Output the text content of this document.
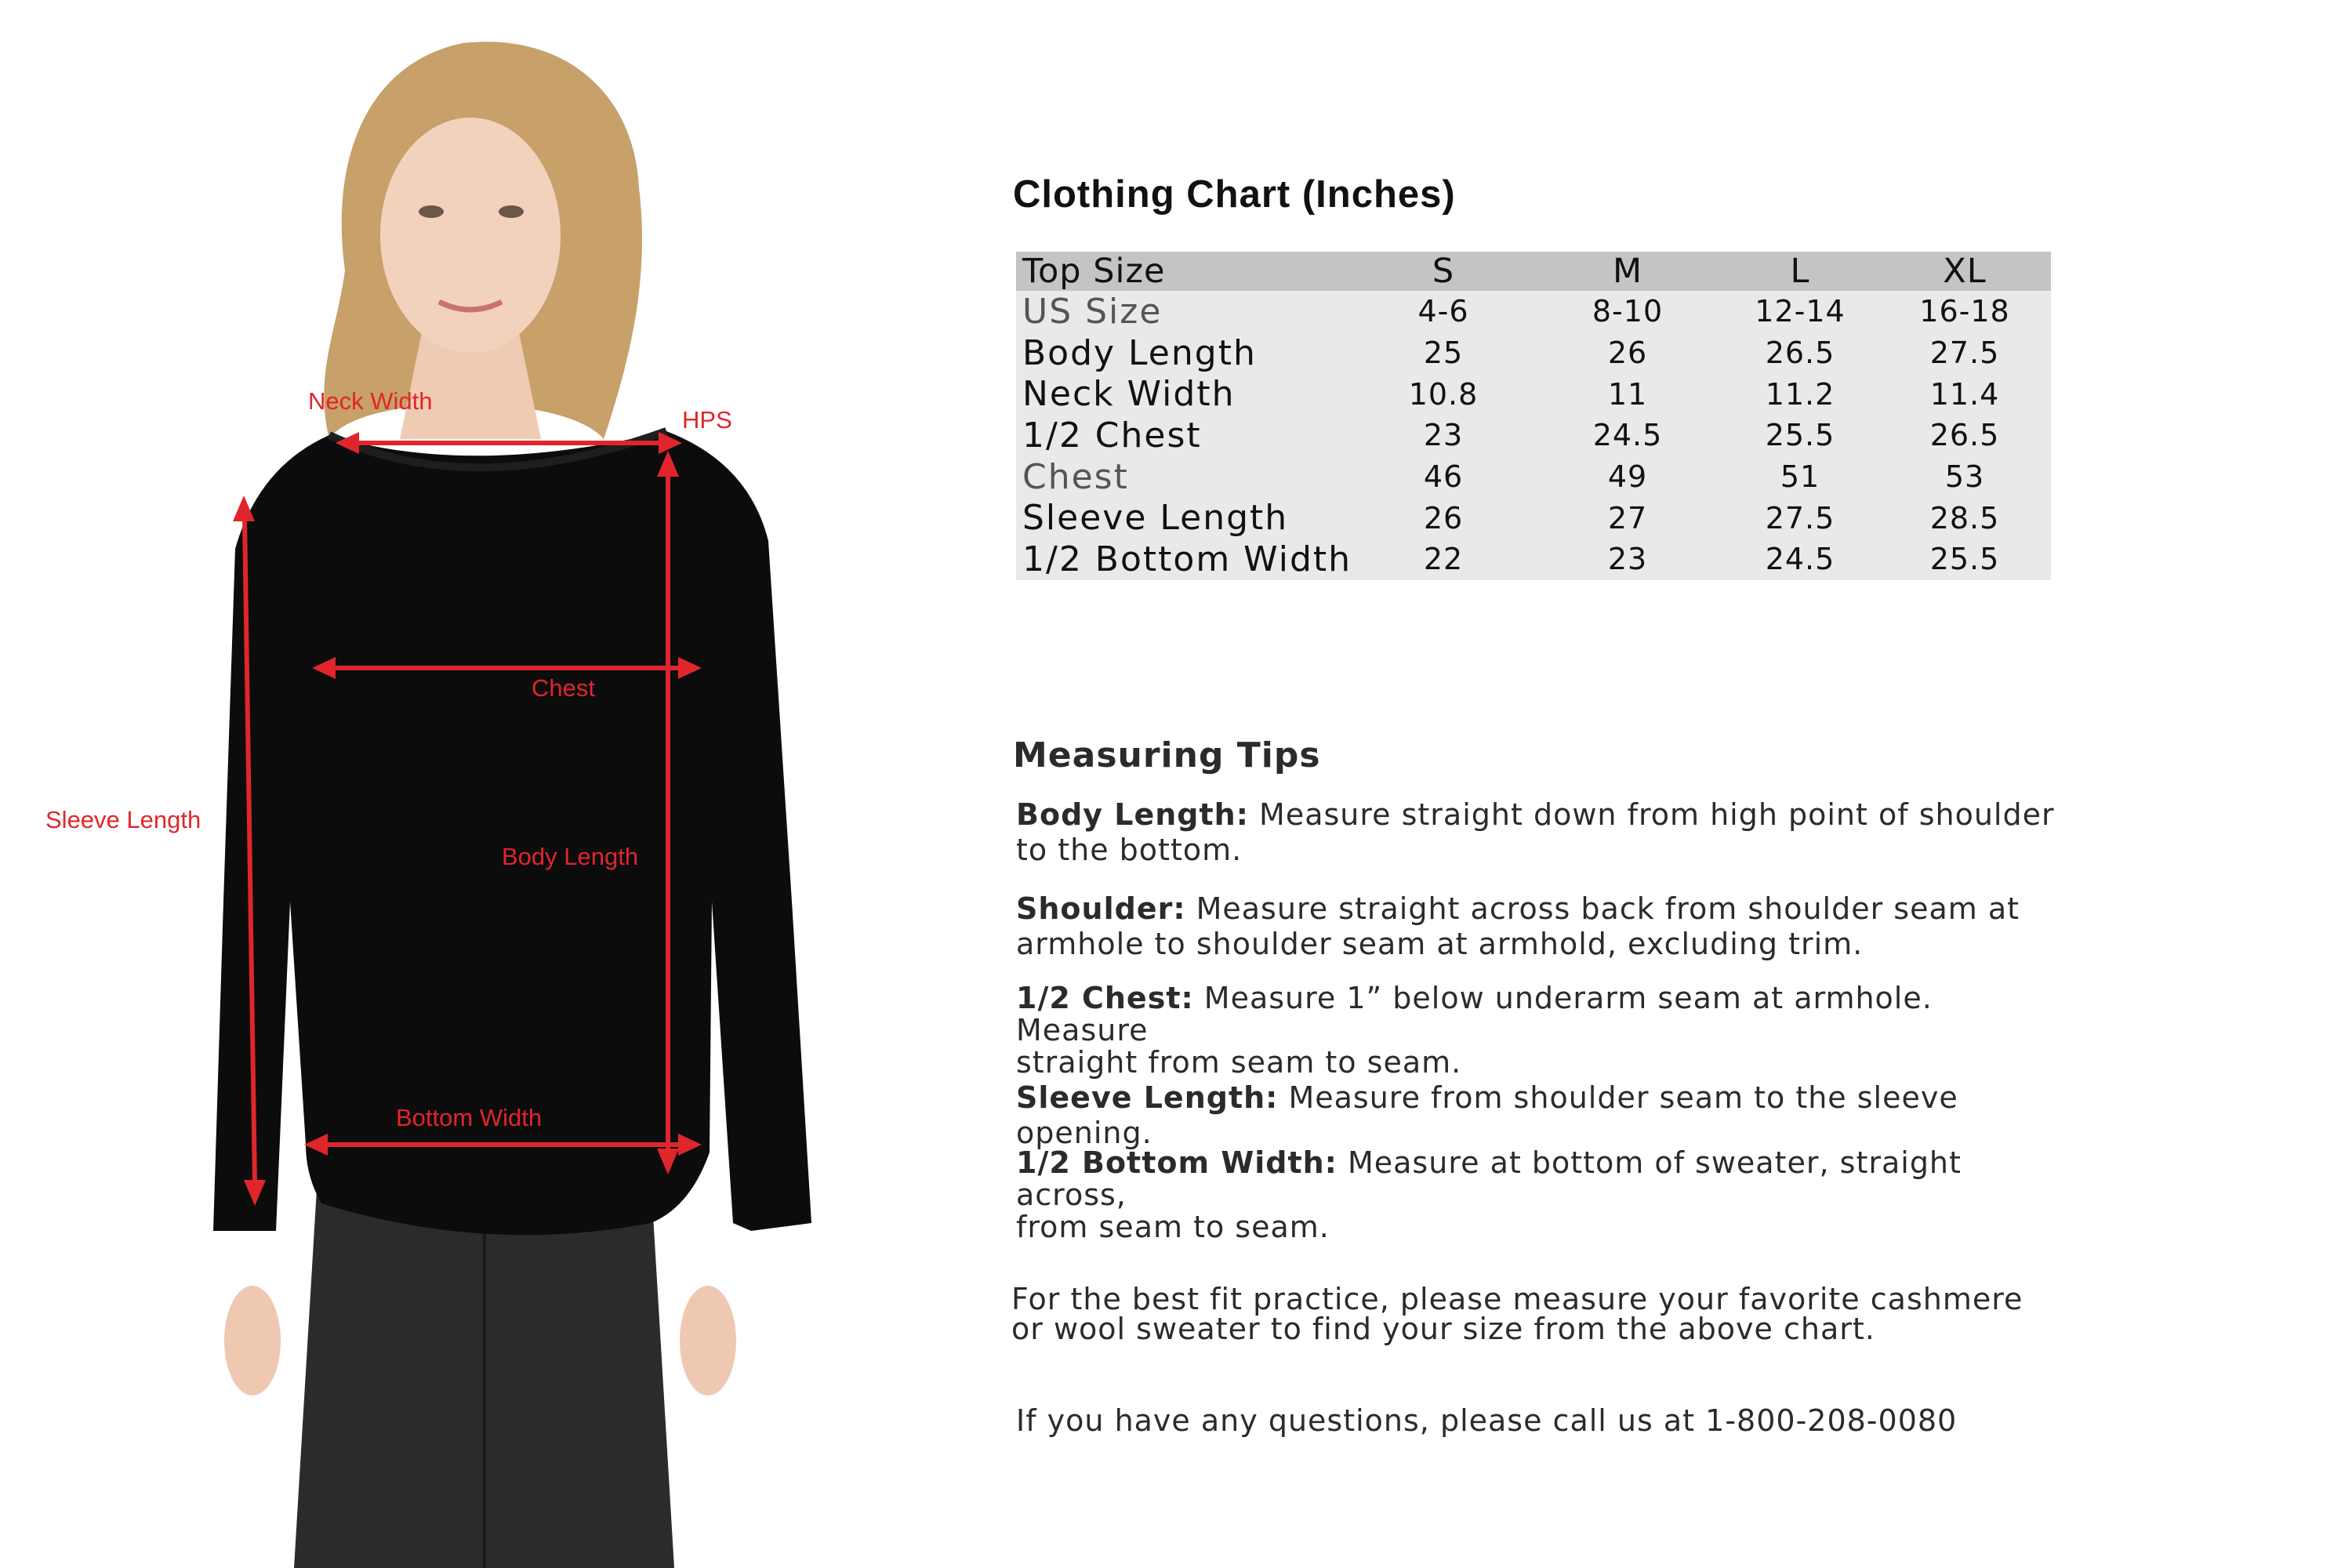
Neck Width
HPS
Chest
Sleeve Length
Body Length
Bottom Width
Clothing Chart (Inches)
Top Size	S	M	L	XL
US Size	4-6	8-10	12-14	16-18
Body Length	25	26	26.5	27.5
Neck Width	10.8	11	11.2	11.4
1/2 Chest	23	24.5	25.5	26.5
Chest	46	49	51	53
Sleeve Length	26	27	27.5	28.5
1/2 Bottom Width	22	23	24.5	25.5
Measuring Tips
Body Length: Measure straight down from high point of shoulder
to the bottom.
Shoulder: Measure straight across back from shoulder seam at
armhole to shoulder seam at armhold, excluding trim.
1/2 Chest: Measure 1” below underarm seam at armhole. Measure
straight from seam to seam.
Sleeve Length: Measure from shoulder seam to the sleeve opening.
1/2 Bottom Width: Measure at bottom of sweater, straight across,
from seam to seam.
For the best fit practice, please measure your favorite cashmere
or wool sweater to find your size from the above chart.
If you have any questions, please call us at 1-800-208-0080
